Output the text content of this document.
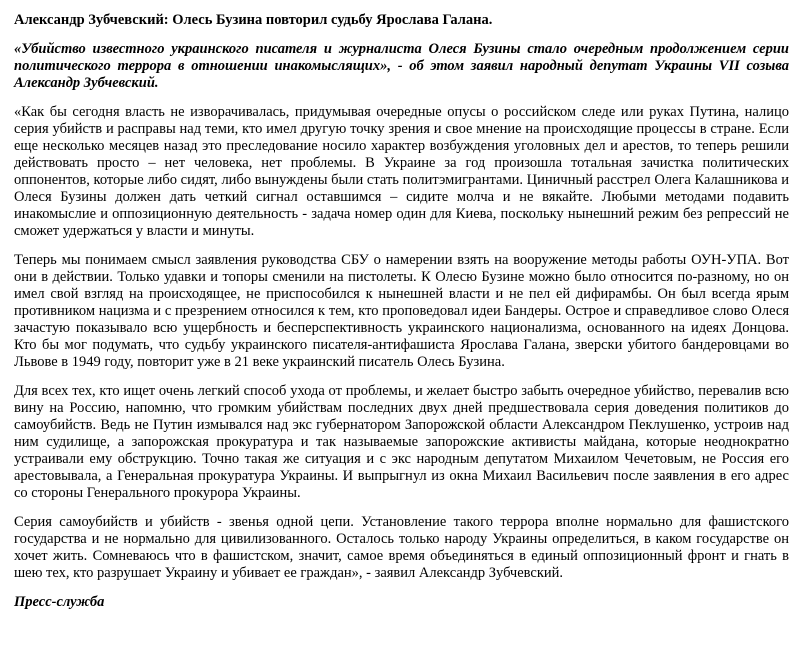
Александр Зубчевский: Олесь Бузина повторил судьбу Ярослава Галана.

«Убийство известного украинского писателя и журналиста Олеся Бузины стало очередным продолжением серии политического террора в отношении инакомыслящих», - об этом заявил народный депутат Украины VII созыва Александр Зубчевский.

«Как бы сегодня власть не изворачивалась, придумывая очередные опусы о российском следе или руках Путина, налицо серия убийств и расправы над теми, кто имел другую точку зрения и свое мнение на происходящие процессы в стране. Если еще несколько месяцев назад это преследование носило характер возбуждения уголовных дел и арестов, то теперь решили действовать просто – нет человека, нет проблемы. В Украине за год произошла тотальная зачистка политических оппонентов, которые либо сидят, либо вынуждены были стать политэмигрантами. Циничный расстрел Олега Калашникова и Олеся Бузины должен дать четкий сигнал оставшимся – сидите молча и не вякайте. Любыми методами подавить инакомыслие и оппозиционную деятельность - задача номер один для Киева, поскольку нынешний режим без репрессий не сможет удержаться у власти и минуты.

Теперь мы понимаем смысл заявления руководства СБУ о намерении взять на вооружение методы работы ОУН-УПА. Вот они в действии. Только удавки и топоры сменили на пистолеты. К Олесю Бузине можно было относится по-разному, но он имел свой взгляд на происходящее, не приспособился к нынешней власти и не пел ей дифирамбы. Он был всегда ярым противником нацизма и с презрением относился к тем, кто проповедовал идеи Бандеры. Острое и справедливое слово Олеся зачастую показывало всю ущербность и бесперспективность украинского национализма, основанного на идеях Донцова. Кто бы мог подумать, что судьбу украинского писателя-антифашиста Ярослава Галана, зверски убитого бандеровцами во Львове в 1949 году, повторит уже в 21 веке украинский писатель Олесь Бузина.

Для всех тех, кто ищет очень легкий способ ухода от проблемы, и желает быстро забыть очередное убийство, перевалив всю вину на Россию, напомню, что громким убийствам последних двух дней предшествовала серия доведения политиков до самоубийств. Ведь не Путин измывался над экс губернатором Запорожской области Александром Пеклушенко, устроив над ним судилище, а запорожская прокуратура и так называемые запорожские активисты майдана, которые неоднократно устраивали ему обструкцию. Точно такая же ситуация и с экс народным депутатом Михаилом Чечетовым, не Россия его арестовывала, а Генеральная прокуратура Украины. И выпрыгнул из окна Михаил Васильевич после заявления в его адрес со стороны Генерального прокурора Украины.

Серия самоубийств и убийств - звенья одной цепи. Установление такого террора вполне нормально для фашистского государства и не нормально для цивилизованного. Осталось только народу Украины определиться, в каком государстве он хочет жить. Сомневаюсь что в фашистском, значит, самое время объединяться в единый оппозиционный фронт и гнать в шею тех, кто разрушает Украину и убивает ее граждан», - заявил Александр Зубчевский.

Пресс-служба
